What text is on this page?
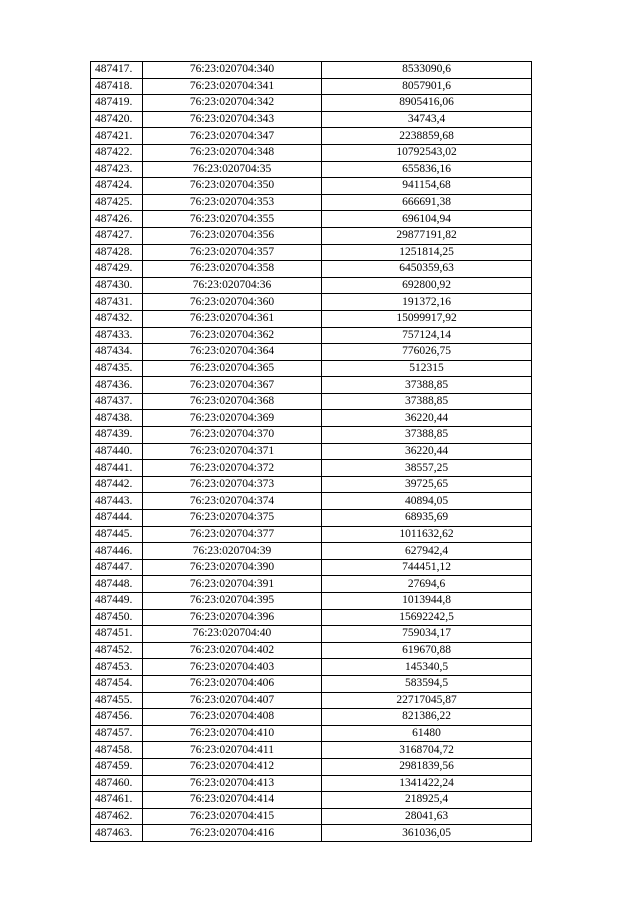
487417.	76:23:020704:340	8533090,6
487418.	76:23:020704:341	8057901,6
487419.	76:23:020704:342	8905416,06
487420.	76:23:020704:343	34743,4
487421.	76:23:020704:347	2238859,68
487422.	76:23:020704:348	10792543,02
487423.	76:23:020704:35	655836,16
487424.	76:23:020704:350	941154,68
487425.	76:23:020704:353	666691,38
487426.	76:23:020704:355	696104,94
487427.	76:23:020704:356	29877191,82
487428.	76:23:020704:357	1251814,25
487429.	76:23:020704:358	6450359,63
487430.	76:23:020704:36	692800,92
487431.	76:23:020704:360	191372,16
487432.	76:23:020704:361	15099917,92
487433.	76:23:020704:362	757124,14
487434.	76:23:020704:364	776026,75
487435.	76:23:020704:365	512315
487436.	76:23:020704:367	37388,85
487437.	76:23:020704:368	37388,85
487438.	76:23:020704:369	36220,44
487439.	76:23:020704:370	37388,85
487440.	76:23:020704:371	36220,44
487441.	76:23:020704:372	38557,25
487442.	76:23:020704:373	39725,65
487443.	76:23:020704:374	40894,05
487444.	76:23:020704:375	68935,69
487445.	76:23:020704:377	1011632,62
487446.	76:23:020704:39	627942,4
487447.	76:23:020704:390	744451,12
487448.	76:23:020704:391	27694,6
487449.	76:23:020704:395	1013944,8
487450.	76:23:020704:396	15692242,5
487451.	76:23:020704:40	759034,17
487452.	76:23:020704:402	619670,88
487453.	76:23:020704:403	145340,5
487454.	76:23:020704:406	583594,5
487455.	76:23:020704:407	22717045,87
487456.	76:23:020704:408	821386,22
487457.	76:23:020704:410	61480
487458.	76:23:020704:411	3168704,72
487459.	76:23:020704:412	2981839,56
487460.	76:23:020704:413	1341422,24
487461.	76:23:020704:414	218925,4
487462.	76:23:020704:415	28041,63
487463.	76:23:020704:416	361036,05
